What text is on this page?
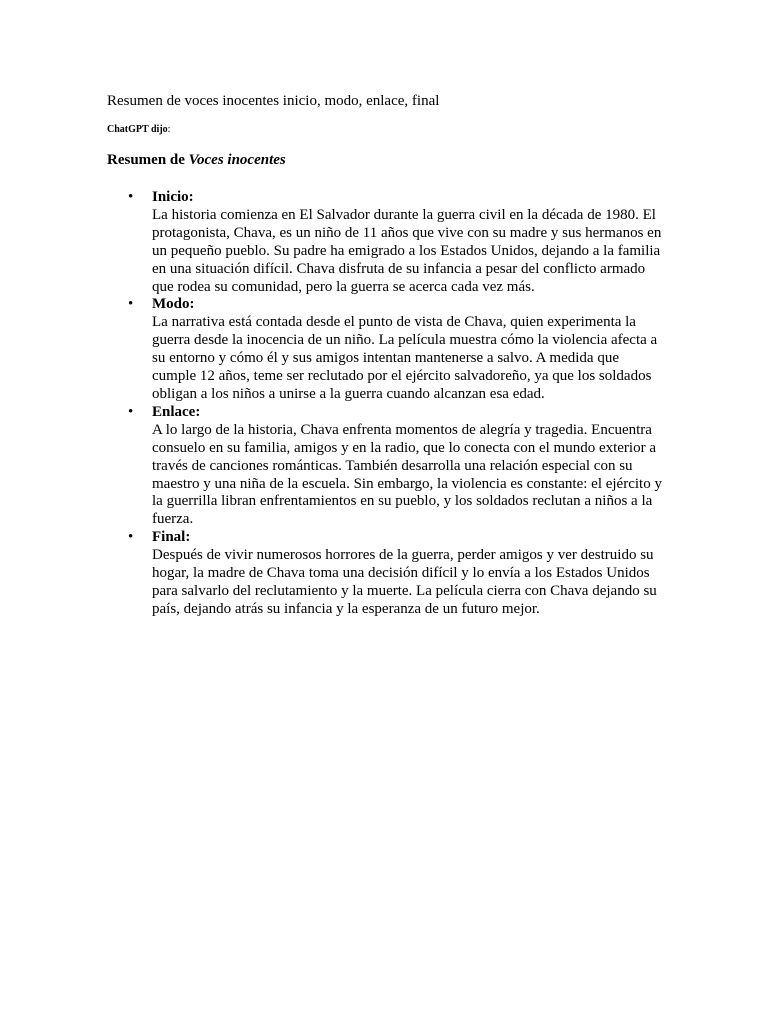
Resumen de voces inocentes inicio, modo, enlace, final

ChatGPT dijo:

Resumen de Voces inocentes
• Inicio:
La historia comienza en El Salvador durante la guerra civil en la década de 1980. El protagonista, Chava, es un niño de 11 años que vive con su madre y sus hermanos en un pequeño pueblo. Su padre ha emigrado a los Estados Unidos, dejando a la familia en una situación difícil. Chava disfruta de su infancia a pesar del conflicto armado que rodea su comunidad, pero la guerra se acerca cada vez más.
• Modo:
La narrativa está contada desde el punto de vista de Chava, quien experimenta la guerra desde la inocencia de un niño. La película muestra cómo la violencia afecta a su entorno y cómo él y sus amigos intentan mantenerse a salvo. A medida que cumple 12 años, teme ser reclutado por el ejército salvadoreño, ya que los soldados obligan a los niños a unirse a la guerra cuando alcanzan esa edad.
• Enlace:
A lo largo de la historia, Chava enfrenta momentos de alegría y tragedia. Encuentra consuelo en su familia, amigos y en la radio, que lo conecta con el mundo exterior a través de canciones románticas. También desarrolla una relación especial con su maestro y una niña de la escuela. Sin embargo, la violencia es constante: el ejército y la guerrilla libran enfrentamientos en su pueblo, y los soldados reclutan a niños a la fuerza.
• Final:
Después de vivir numerosos horrores de la guerra, perder amigos y ver destruido su hogar, la madre de Chava toma una decisión difícil y lo envía a los Estados Unidos para salvarlo del reclutamiento y la muerte. La película cierra con Chava dejando su país, dejando atrás su infancia y la esperanza de un futuro mejor.
